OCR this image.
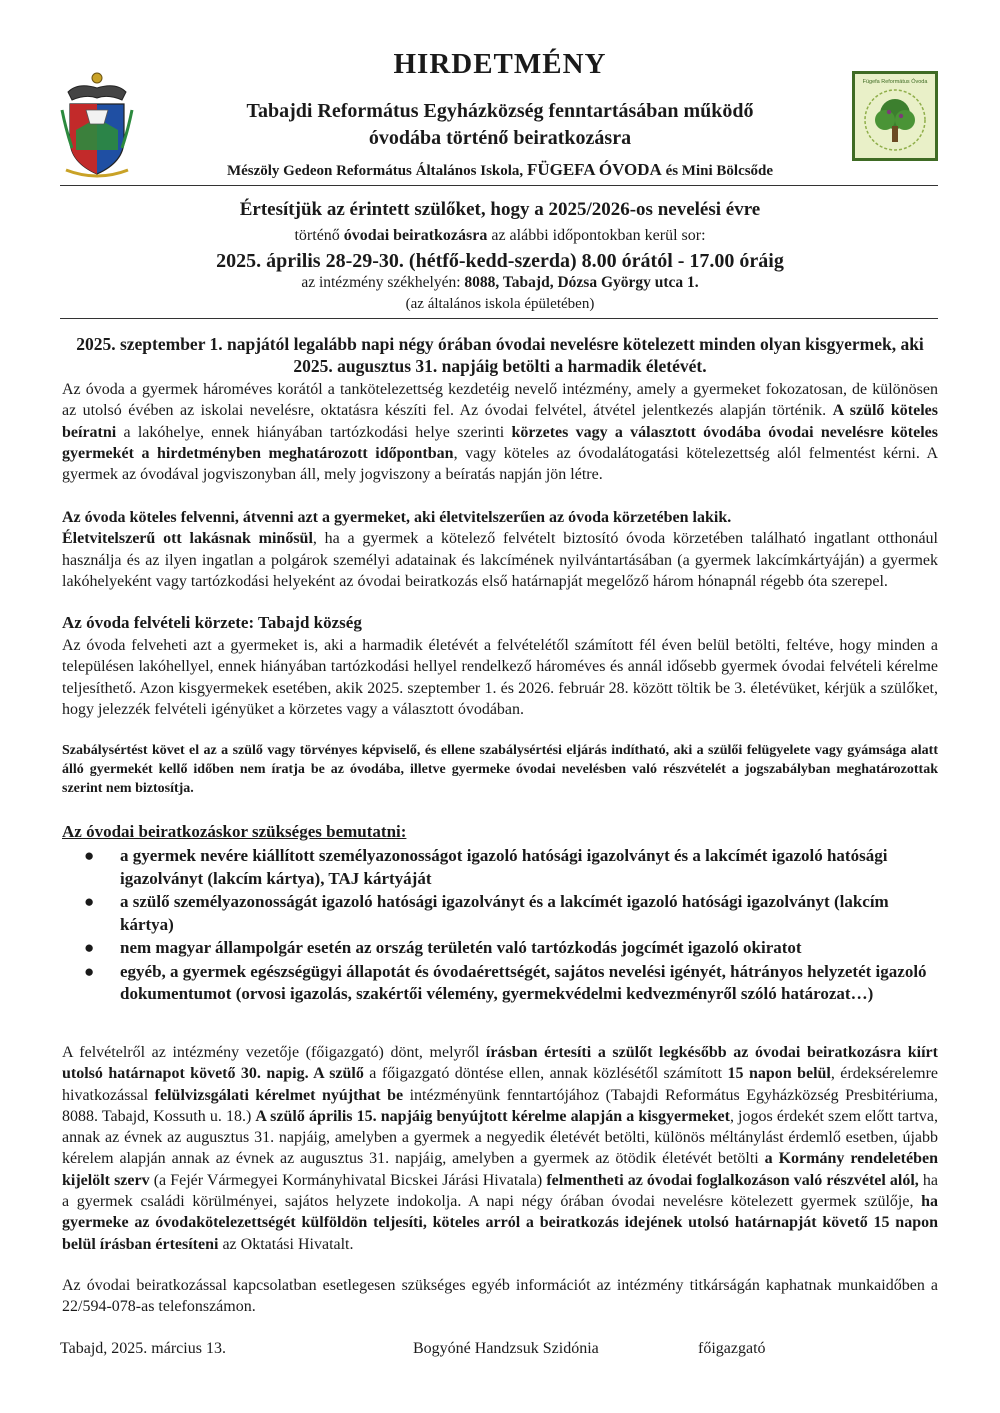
Fügefa Református Óvoda
HIRDETMÉNY
Tabajdi Református Egyházközség fenntartásában működő
óvodába történő beiratkozásra
Mészöly Gedeon Református Általános Iskola, FÜGEFA ÓVODA és Mini Bölcsőde
Értesítjük az érintett szülőket, hogy a 2025/2026-os nevelési évre
történő óvodai beiratkozásra az alábbi időpontokban kerül sor:
2025. április 28-29-30. (hétfő-kedd-szerda) 8.00 órától - 17.00 óráig
az intézmény székhelyén: 8088, Tabajd, Dózsa György utca 1.
(az általános iskola épületében)
2025. szeptember 1. napjától legalább napi négy órában óvodai nevelésre kötelezett minden olyan kisgyermek, aki 2025. augusztus 31. napjáig betölti a harmadik életévét.
Az óvoda a gyermek hároméves korától a tankötelezettség kezdetéig nevelő intézmény, amely a gyermeket fokozatosan, de különösen az utolsó évében az iskolai nevelésre, oktatásra készíti fel. Az óvodai felvétel, átvétel jelentkezés alapján történik. A szülő köteles beíratni a lakóhelye, ennek hiányában tartózkodási helye szerinti körzetes vagy a választott óvodába óvodai nevelésre köteles gyermekét a hirdetményben meghatározott időpontban, vagy köteles az óvodalátogatási kötelezettség alól felmentést kérni. A gyermek az óvodával jogviszonyban áll, mely jogviszony a beíratás napján jön létre.
Az óvoda köteles felvenni, átvenni azt a gyermeket, aki életvitelszerűen az óvoda körzetében lakik.
Életvitelszerű ott lakásnak minősül, ha a gyermek a kötelező felvételt biztosító óvoda körzetében található ingatlant otthonául használja és az ilyen ingatlan a polgárok személyi adatainak és lakcímének nyilvántartásában (a gyermek lakcímkártyáján) a gyermek lakóhelyeként vagy tartózkodási helyeként az óvodai beiratkozás első határnapját megelőző három hónapnál régebb óta szerepel.
Az óvoda felvételi körzete: Tabajd község
Az óvoda felveheti azt a gyermeket is, aki a harmadik életévét a felvételétől számított fél éven belül betölti, feltéve, hogy minden a településen lakóhellyel, ennek hiányában tartózkodási hellyel rendelkező hároméves és annál idősebb gyermek óvodai felvételi kérelme teljesíthető. Azon kisgyermekek esetében, akik 2025. szeptember 1. és 2026. február 28. között töltik be 3. életévüket, kérjük a szülőket, hogy jelezzék felvételi igényüket a körzetes vagy a választott óvodában.
Szabálysértést követ el az a szülő vagy törvényes képviselő, és ellene szabálysértési eljárás indítható, aki a szülői felügyelete vagy gyámsága alatt álló gyermekét kellő időben nem íratja be az óvodába, illetve gyermeke óvodai nevelésben való részvételét a jogszabályban meghatározottak szerint nem biztosítja.
Az óvodai beiratkozáskor szükséges bemutatni:
● a gyermek nevére kiállított személyazonosságot igazoló hatósági igazolványt és a lakcímét igazoló hatósági igazolványt (lakcím kártya), TAJ kártyáját
● a szülő személyazonosságát igazoló hatósági igazolványt és a lakcímét igazoló hatósági igazolványt (lakcím kártya)
● nem magyar állampolgár esetén az ország területén való tartózkodás jogcímét igazoló okiratot
● egyéb, a gyermek egészségügyi állapotát és óvodaérettségét, sajátos nevelési igényét, hátrányos helyzetét igazoló dokumentumot (orvosi igazolás, szakértői vélemény, gyermekvédelmi kedvezményről szóló határozat…)
A felvételről az intézmény vezetője (főigazgató) dönt, melyről írásban értesíti a szülőt legkésőbb az óvodai beiratkozásra kiírt utolsó határnapot követő 30. napig. A szülő a főigazgató döntése ellen, annak közlésétől számított 15 napon belül, érdeksérelemre hivatkozással felülvizsgálati kérelmet nyújthat be intézményünk fenntartójához (Tabajdi Református Egyházközség Presbitériuma, 8088. Tabajd, Kossuth u. 18.) A szülő április 15. napjáig benyújtott kérelme alapján a kisgyermeket, jogos érdekét szem előtt tartva, annak az évnek az augusztus 31. napjáig, amelyben a gyermek a negyedik életévét betölti, különös méltánylást érdemlő esetben, újabb kérelem alapján annak az évnek az augusztus 31. napjáig, amelyben a gyermek az ötödik életévét betölti a Kormány rendeletében kijelölt szerv (a Fejér Vármegyei Kormányhivatal Bicskei Járási Hivatala) felmentheti az óvodai foglalkozáson való részvétel alól, ha a gyermek családi körülményei, sajátos helyzete indokolja. A napi négy órában óvodai nevelésre kötelezett gyermek szülője, ha gyermeke az óvodakötelezettségét külföldön teljesíti, köteles arról a beiratkozás idejének utolsó határnapját követő 15 napon belül írásban értesíteni az Oktatási Hivatalt.
Az óvodai beiratkozással kapcsolatban esetlegesen szükséges egyéb információt az intézmény titkárságán kaphatnak munkaidőben a 22/594-078-as telefonszámon.
Tabajd, 2025. március 13.	Bogyóné Handzsuk Szidónia	főigazgató
